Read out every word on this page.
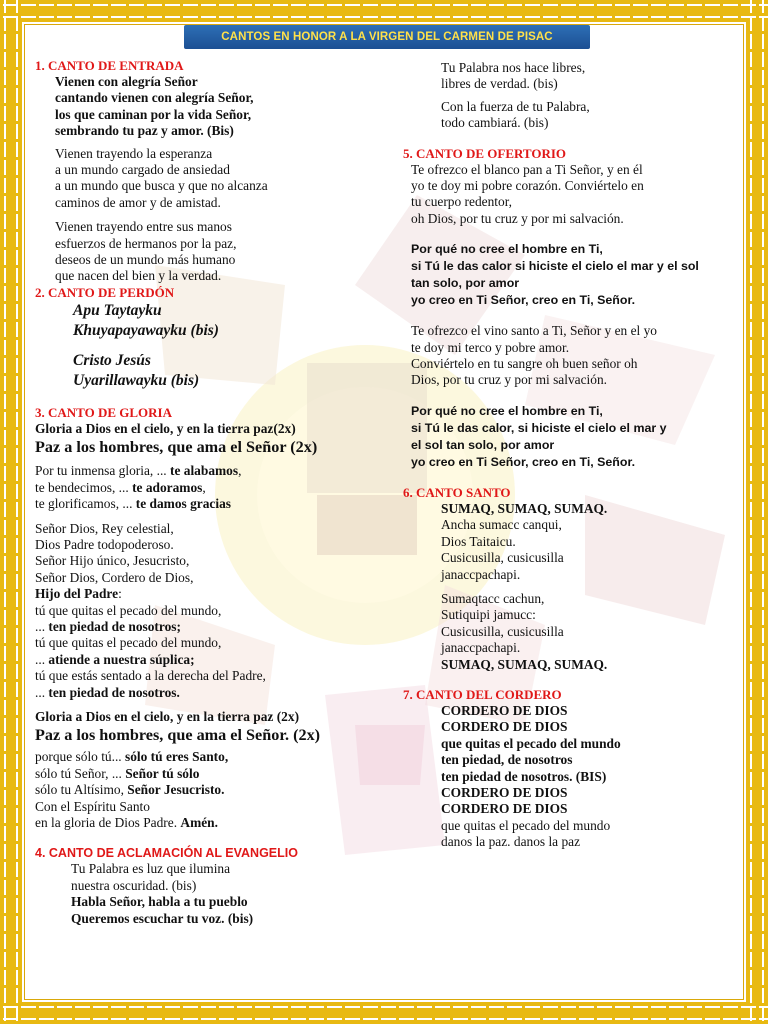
CANTOS EN HONOR A LA VIRGEN DEL CARMEN DE PISAC
1. CANTO DE ENTRADA
Vienen con alegría Señor
cantando vienen con alegría Señor,
los que caminan por la vida Señor,
sembrando tu paz y amor. (Bis)
Vienen trayendo la esperanza
a un mundo cargado de ansiedad
a un mundo que busca y que no alcanza
caminos de amor y de amistad.
Vienen trayendo entre sus manos
esfuerzos de hermanos por la paz,
deseos de un mundo más humano
que nacen del bien y la verdad.
2. CANTO DE PERDÓN
Apu Taytayku
Khuyapayawayku (bis)
Cristo Jesús
Uyarillawayku (bis)
3. CANTO DE GLORIA
Gloria a Dios en el cielo, y en la tierra paz(2x)
Paz a los hombres, que ama el Señor (2x)
Por tu inmensa gloria, ... te alabamos,
te bendecimos, ... te adoramos,
te glorificamos, ... te damos gracias
Señor Dios, Rey celestial,
Dios Padre todopoderoso.
Señor Hijo único, Jesucristo,
Señor Dios, Cordero de Dios,
Hijo del Padre:
tú que quitas el pecado del mundo,
... ten piedad de nosotros;
tú que quitas el pecado del mundo,
... atiende a nuestra súplica;
tú que estás sentado a la derecha del Padre,
... ten piedad de nosotros.
Gloria a Dios en el cielo, y en la tierra paz (2x)
Paz a los hombres, que ama el Señor. (2x)
porque sólo tú... sólo tú eres Santo,
sólo tú Señor, ... Señor tú sólo
sólo tu Altísimo, Señor Jesucristo.
Con el Espíritu Santo
en la gloria de Dios Padre. Amén.
4. CANTO DE ACLAMACIÓN AL EVANGELIO
Tu Palabra es luz que ilumina
nuestra oscuridad. (bis)
Habla Señor, habla a tu pueblo
Queremos escuchar tu voz. (bis)
Tu Palabra nos hace libres,
libres de verdad. (bis)
Con la fuerza de tu Palabra,
todo cambiará. (bis)
5. CANTO DE OFERTORIO
Te ofrezco el blanco pan a Ti Señor, y en él
yo te doy mi pobre corazón. Conviértelo en
tu cuerpo redentor,
oh Dios, por tu cruz y por mi salvación.
Por qué no cree el hombre en Ti,
si Tú le das calor si hiciste el cielo el mar y el sol
tan solo, por amor
yo creo en Ti Señor, creo en Ti, Señor.
Te ofrezco el vino santo a Ti, Señor y en el yo
te doy mi terco y pobre amor.
Conviértelo en tu sangre oh buen señor oh
Dios, por tu cruz y por mi salvación.
Por qué no cree el hombre en Ti,
si Tú le das calor, si hiciste el cielo el mar y
el sol tan solo, por amor
yo creo en Ti Señor, creo en Ti, Señor.
6. CANTO SANTO
SUMAQ, SUMAQ, SUMAQ.
Ancha sumacc canqui,
Dios Taitaicu.
Cusicusilla, cusicusilla
janaccpachapi.
Sumaqtacc cachun,
Sutiquipi jamucc:
Cusicusilla, cusicusilla
janaccpachapi.
SUMAQ, SUMAQ, SUMAQ.
7. CANTO DEL CORDERO
CORDERO DE DIOS
CORDERO DE DIOS
que quitas el pecado del mundo
ten piedad, de nosotros
ten piedad de nosotros. (BIS)
CORDERO DE DIOS
CORDERO DE DIOS
que quitas el pecado del mundo
danos la paz. danos la paz
